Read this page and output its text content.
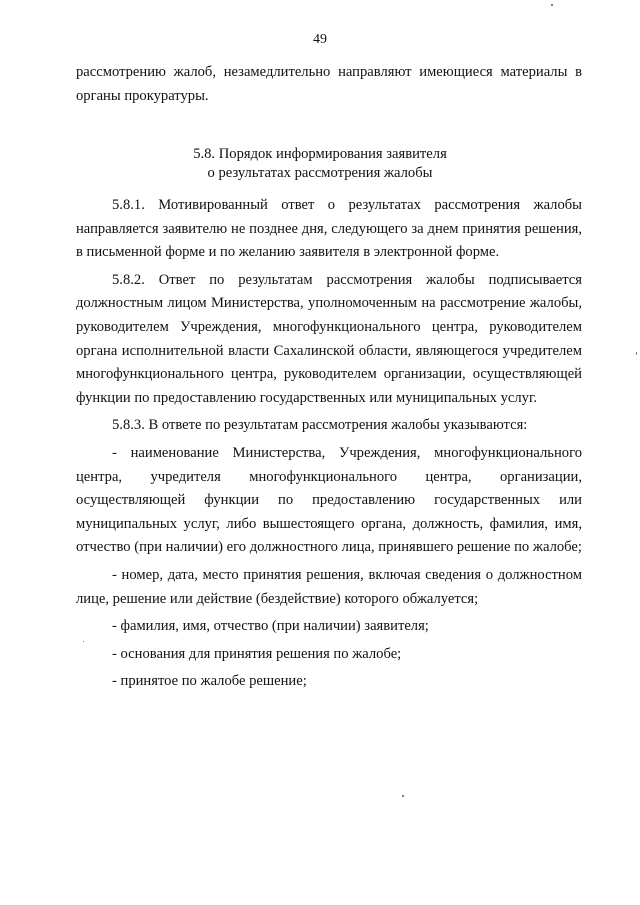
49
рассмотрению жалоб, незамедлительно направляют имеющиеся материалы в
органы прокуратуры.
5.8. Порядок информирования заявителя
о результатах рассмотрения жалобы

5.8.1. Мотивированный ответ о результатах рассмотрения жалобы направляется заявителю не позднее дня, следующего за днем принятия решения, в письменной форме и по желанию заявителя в электронной форме.

5.8.2. Ответ по результатам рассмотрения жалобы подписывается должностным лицом Министерства, уполномоченным на рассмотрение жалобы, руководителем Учреждения, многофункционального центра, руководителем органа исполнительной власти Сахалинской области, являющегося учредителем многофункционального центра, руководителем организации, осуществляющей функции по предоставлению государственных или муниципальных услуг.

5.8.3. В ответе по результатам рассмотрения жалобы указываются:

- наименование Министерства, Учреждения, многофункционального центра, учредителя многофункционального центра, организации, осуществляющей функции по предоставлению государственных или муниципальных услуг, либо вышестоящего органа, должность, фамилия, имя, отчество (при наличии) его должностного лица, принявшего решение по жалобе;

- номер, дата, место принятия решения, включая сведения о должностном лице, решение или действие (бездействие) которого обжалуется;

- фамилия, имя, отчество (при наличии) заявителя;

- основания для принятия решения по жалобе;

- принятое по жалобе решение;
